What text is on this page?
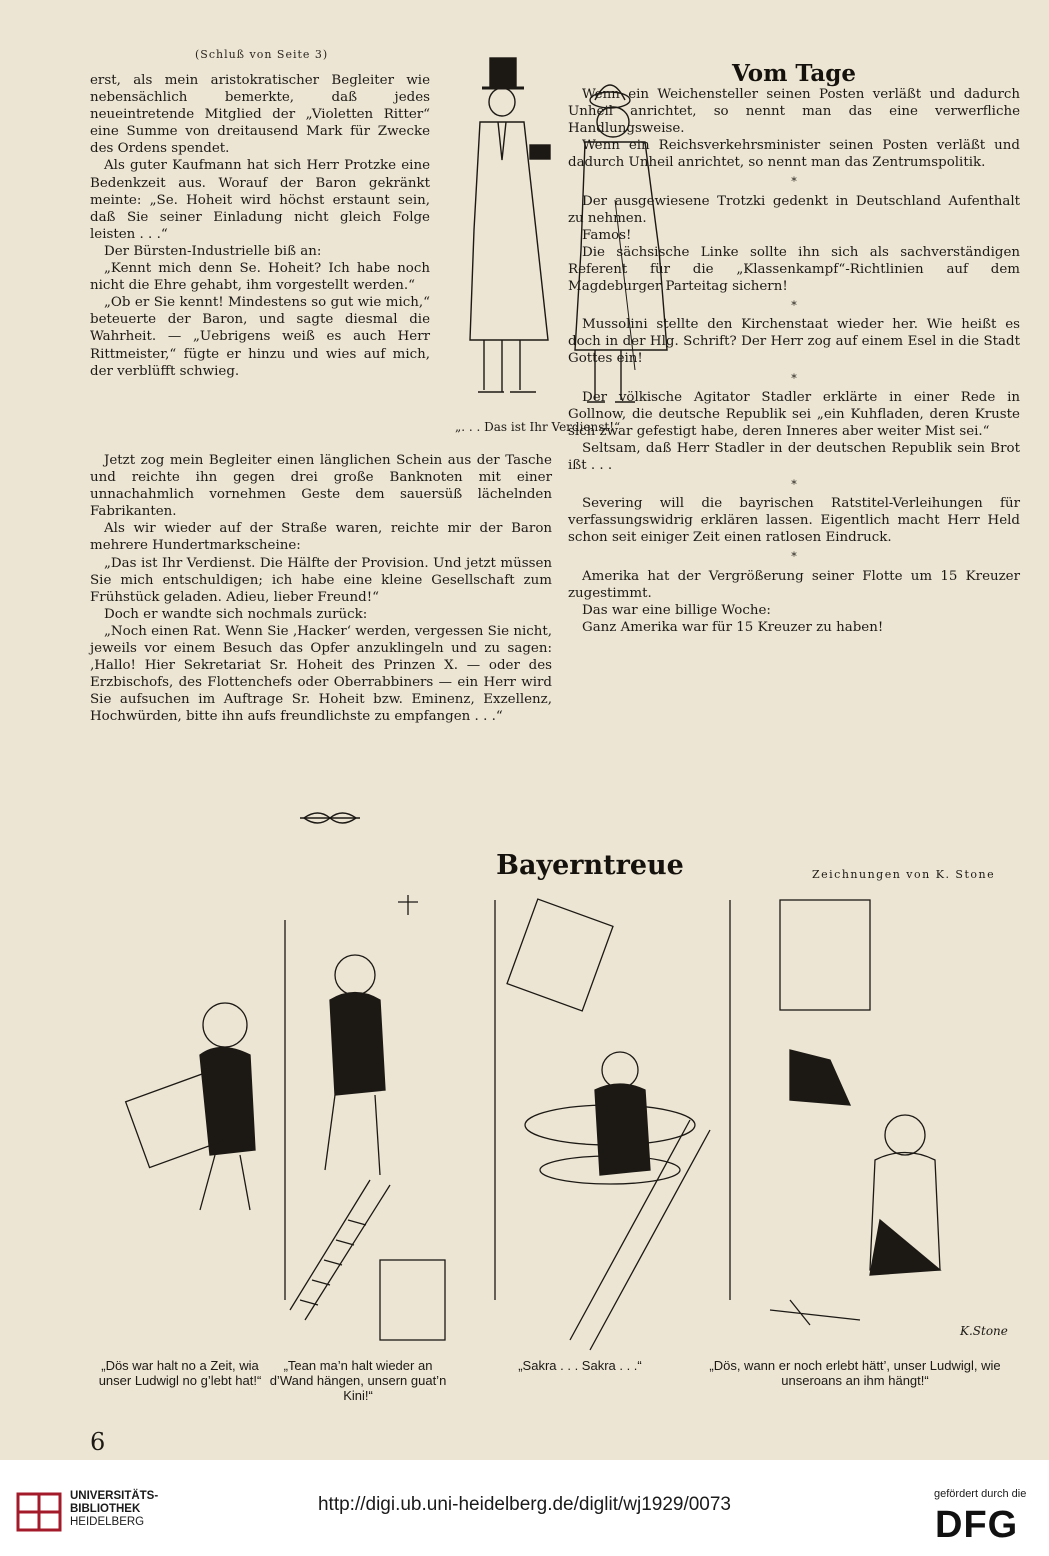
(Schluß von Seite 3)

erst, als mein aristokratischer Begleiter wie nebensächlich bemerkte, daß jedes neueintretende Mitglied der „Violetten Ritter“ eine Summe von dreitausend Mark für Zwecke des Ordens spendet.

Als guter Kaufmann hat sich Herr Protzke eine Bedenkzeit aus. Worauf der Baron gekränkt meinte: „Se. Hoheit wird höchst erstaunt sein, daß Sie seiner Einladung nicht gleich Folge leisten . . .“

Der Bürsten-Industrielle biß an:

„Kennt mich denn Se. Hoheit? Ich habe noch nicht die Ehre gehabt, ihm vorgestellt werden.“

„Ob er Sie kennt! Mindestens so gut wie mich,“ beteuerte der Baron, und sagte diesmal die Wahrheit. — „Uebrigens weiß es auch Herr Rittmeister,“ fügte er hinzu und wies auf mich, der verblüfft schwieg.

„. . . Das ist Ihr Verdienst!“

Jetzt zog mein Begleiter einen länglichen Schein aus der Tasche und reichte ihn gegen drei große Banknoten mit einer unnachahmlich vornehmen Geste dem sauersüß lächelnden Fabrikanten.

Als wir wieder auf der Straße waren, reichte mir der Baron mehrere Hundertmarkscheine:

„Das ist Ihr Verdienst. Die Hälfte der Provision. Und jetzt müssen Sie mich entschuldigen; ich habe eine kleine Gesellschaft zum Frühstück geladen. Adieu, lieber Freund!“

Doch er wandte sich nochmals zurück:

„Noch einen Rat. Wenn Sie ‚Hacker‘ werden, vergessen Sie nicht, jeweils vor einem Besuch das Opfer anzuklingeln und zu sagen: ‚Hallo! Hier Sekretariat Sr. Hoheit des Prinzen X. — oder des Erzbischofs, des Flottenchefs oder Oberrabbiners — ein Herr wird Sie aufsuchen im Auftrage Sr. Hoheit bzw. Eminenz, Exzellenz, Hochwürden, bitte ihn aufs freundlichste zu empfangen . . .“

Vom Tage

Wenn ein Weichensteller seinen Posten verläßt und dadurch Unheil anrichtet, so nennt man das eine verwerfliche Handlungsweise.

Wenn ein Reichsverkehrsminister seinen Posten verläßt und dadurch Unheil anrichtet, so nennt man das Zentrumspolitik.

*

Der ausgewiesene Trotzki gedenkt in Deutschland Aufenthalt zu nehmen.

Famos!

Die sächsische Linke sollte ihn sich als sachverständigen Referent für die „Klassenkampf“-Richtlinien auf dem Magdeburger Parteitag sichern!

*

Mussolini stellte den Kirchenstaat wieder her. Wie heißt es doch in der Hlg. Schrift? Der Herr zog auf einem Esel in die Stadt Gottes ein!

*

Der völkische Agitator Stadler erklärte in einer Rede in Gollnow, die deutsche Republik sei „ein Kuhfladen, deren Kruste sich zwar gefestigt habe, deren Inneres aber weiter Mist sei.“

Seltsam, daß Herr Stadler in der deutschen Republik sein Brot ißt . . .

*

Severing will die bayrischen Ratstitel-Verleihungen für verfassungswidrig erklären lassen. Eigentlich macht Herr Held schon seit einiger Zeit einen ratlosen Eindruck.

*

Amerika hat der Vergrößerung seiner Flotte um 15 Kreuzer zugestimmt.

Das war eine billige Woche:

Ganz Amerika war für 15 Kreuzer zu haben!

Bayerntreue	Zeichnungen von K. Stone
K.Stone
„Dös war halt no a Zeit, wia unser Ludwigl no g’lebt hat!“
„Tean ma’n halt wieder an d’Wand hängen, unsern guat’n Kini!“
„Sakra . . . Sakra . . .“	„Dös, wann er noch erlebt hätt’, unser Ludwigl, wie unseroans an ihm hängt!“
6
UNIVERSITÄTS-
BIBLIOTHEK
HEIDELBERG
http://digi.ub.uni-heidelberg.de/diglit/wj1929/0073	gefördert durch die
DFG
